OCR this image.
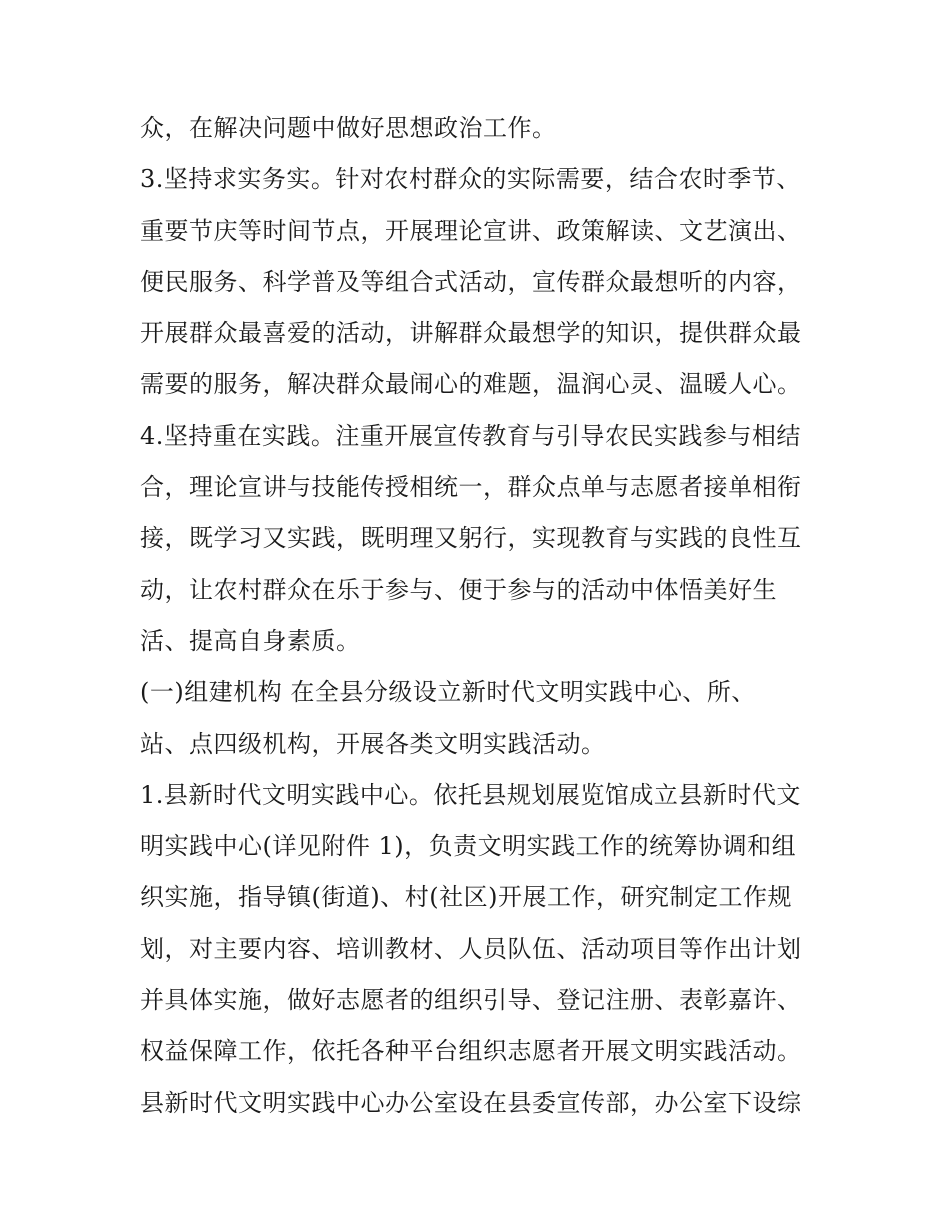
众，在解决问题中做好思想政治工作。
3.坚持求实务实。针对农村群众的实际需要，结合农时季节、
重要节庆等时间节点，开展理论宣讲、政策解读、文艺演出、
便民服务、科学普及等组合式活动，宣传群众最想听的内容，
开展群众最喜爱的活动，讲解群众最想学的知识，提供群众最
需要的服务，解决群众最闹心的难题，温润心灵、温暖人心。
4.坚持重在实践。注重开展宣传教育与引导农民实践参与相结
合，理论宣讲与技能传授相统一，群众点单与志愿者接单相衔
接，既学习又实践，既明理又躬行，实现教育与实践的良性互
动，让农村群众在乐于参与、便于参与的活动中体悟美好生
活、提高自身素质。
(一)组建机构 在全县分级设立新时代文明实践中心、所、
站、点四级机构，开展各类文明实践活动。
1.县新时代文明实践中心。依托县规划展览馆成立县新时代文
明实践中心(详见附件 1)，负责文明实践工作的统筹协调和组
织实施，指导镇(街道)、村(社区)开展工作，研究制定工作规
划，对主要内容、培训教材、人员队伍、活动项目等作出计划
并具体实施，做好志愿者的组织引导、登记注册、表彰嘉许、
权益保障工作，依托各种平台组织志愿者开展文明实践活动。
县新时代文明实践中心办公室设在县委宣传部，办公室下设综
